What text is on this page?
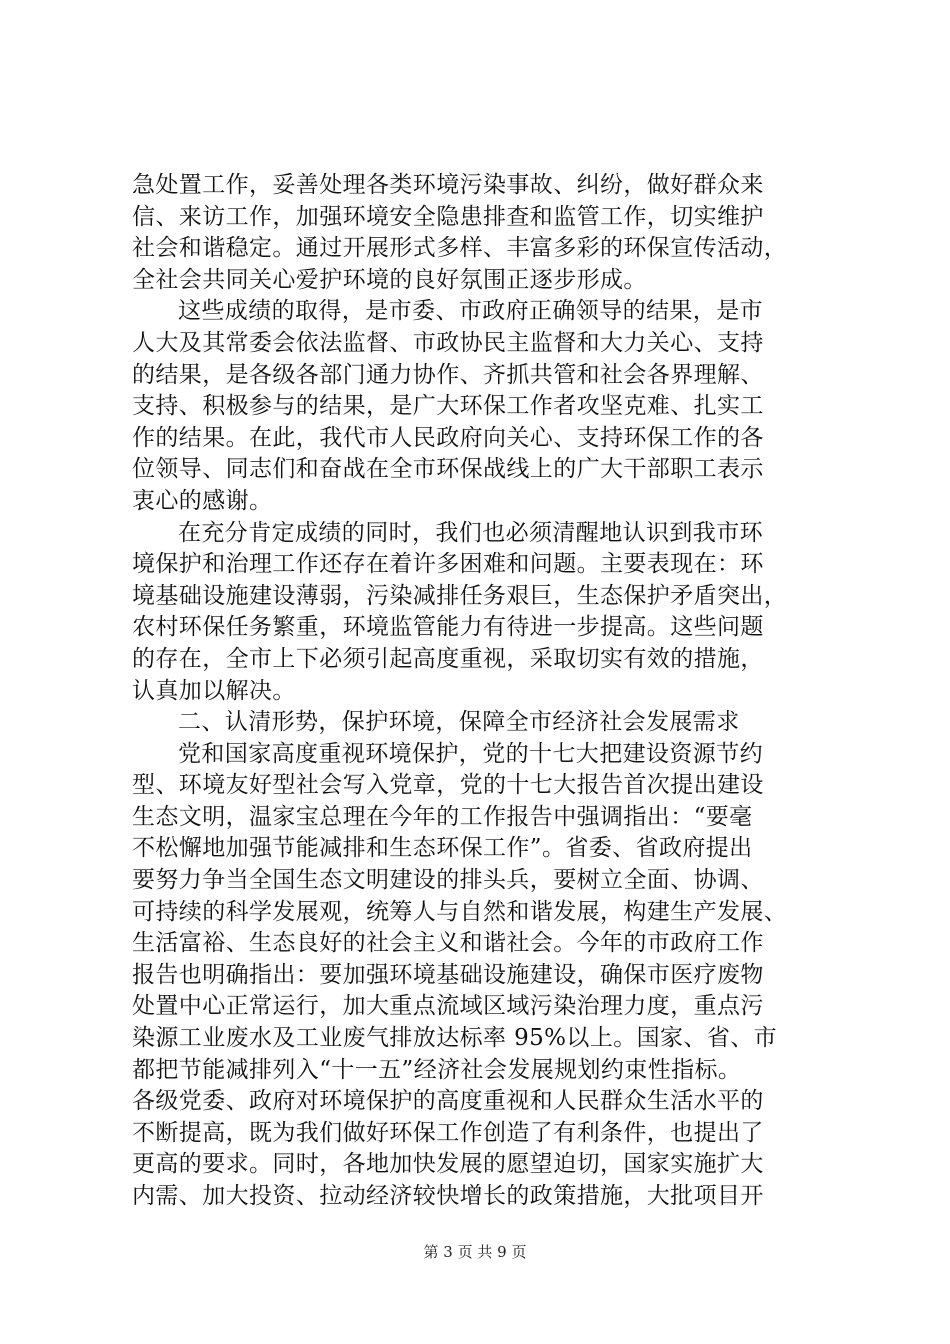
急处置工作，妥善处理各类环境污染事故、纠纷，做好群众来
信、来访工作，加强环境安全隐患排查和监管工作，切实维护
社会和谐稳定。通过开展形式多样、丰富多彩的环保宣传活动，
全社会共同关心爱护环境的良好氛围正逐步形成。
这些成绩的取得，是市委、市政府正确领导的结果，是市
人大及其常委会依法监督、市政协民主监督和大力关心、支持
的结果，是各级各部门通力协作、齐抓共管和社会各界理解、
支持、积极参与的结果，是广大环保工作者攻坚克难、扎实工
作的结果。在此，我代市人民政府向关心、支持环保工作的各
位领导、同志们和奋战在全市环保战线上的广大干部职工表示
衷心的感谢。
在充分肯定成绩的同时，我们也必须清醒地认识到我市环
境保护和治理工作还存在着许多困难和问题。主要表现在：环
境基础设施建设薄弱，污染减排任务艰巨，生态保护矛盾突出，
农村环保任务繁重，环境监管能力有待进一步提高。这些问题
的存在，全市上下必须引起高度重视，采取切实有效的措施，
认真加以解决。
二、认清形势，保护环境，保障全市经济社会发展需求
党和国家高度重视环境保护，党的十七大把建设资源节约
型、环境友好型社会写入党章，党的十七大报告首次提出建设
生态文明，温家宝总理在今年的工作报告中强调指出：“要毫
不松懈地加强节能减排和生态环保工作”。省委、省政府提出
要努力争当全国生态文明建设的排头兵，要树立全面、协调、
可持续的科学发展观，统筹人与自然和谐发展，构建生产发展、
生活富裕、生态良好的社会主义和谐社会。今年的市政府工作
报告也明确指出：要加强环境基础设施建设，确保市医疗废物
处置中心正常运行，加大重点流域区域污染治理力度，重点污
染源工业废水及工业废气排放达标率 95%以上。国家、省、市
都把节能减排列入“十一五”经济社会发展规划约束性指标。
各级党委、政府对环境保护的高度重视和人民群众生活水平的
不断提高，既为我们做好环保工作创造了有利条件，也提出了
更高的要求。同时，各地加快发展的愿望迫切，国家实施扩大
内需、加大投资、拉动经济较快增长的政策措施，大批项目开
第 3 页 共 9 页
